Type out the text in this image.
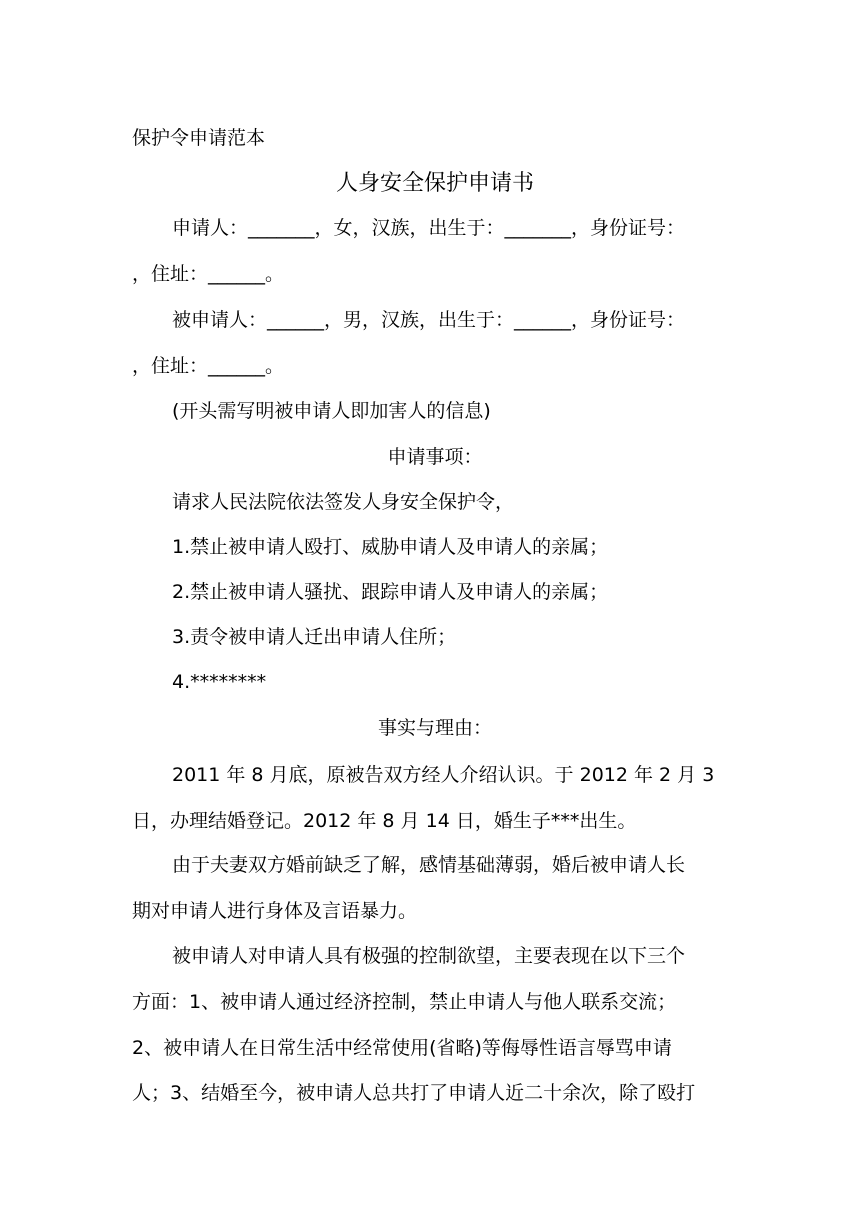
保护令申请范本
人身安全保护申请书
申请人：_______，女，汉族，出生于：_______，身份证号：
，住址：______。
被申请人：______，男，汉族，出生于：______，身份证号：
，住址：______。
(开头需写明被申请人即加害人的信息)
申请事项：
请求人民法院依法签发人身安全保护令，
1.禁止被申请人殴打、威胁申请人及申请人的亲属；
2.禁止被申请人骚扰、跟踪申请人及申请人的亲属；
3.责令被申请人迁出申请人住所；
4.********
事实与理由：
2011 年 8 月底，原被告双方经人介绍认识。于 2012 年 2 月 3
日，办理结婚登记。2012 年 8 月 14 日，婚生子***出生。
由于夫妻双方婚前缺乏了解，感情基础薄弱，婚后被申请人长
期对申请人进行身体及言语暴力。
被申请人对申请人具有极强的控制欲望，主要表现在以下三个
方面：1、被申请人通过经济控制，禁止申请人与他人联系交流；
2、被申请人在日常生活中经常使用(省略)等侮辱性语言辱骂申请
人；3、结婚至今，被申请人总共打了申请人近二十余次，除了殴打
